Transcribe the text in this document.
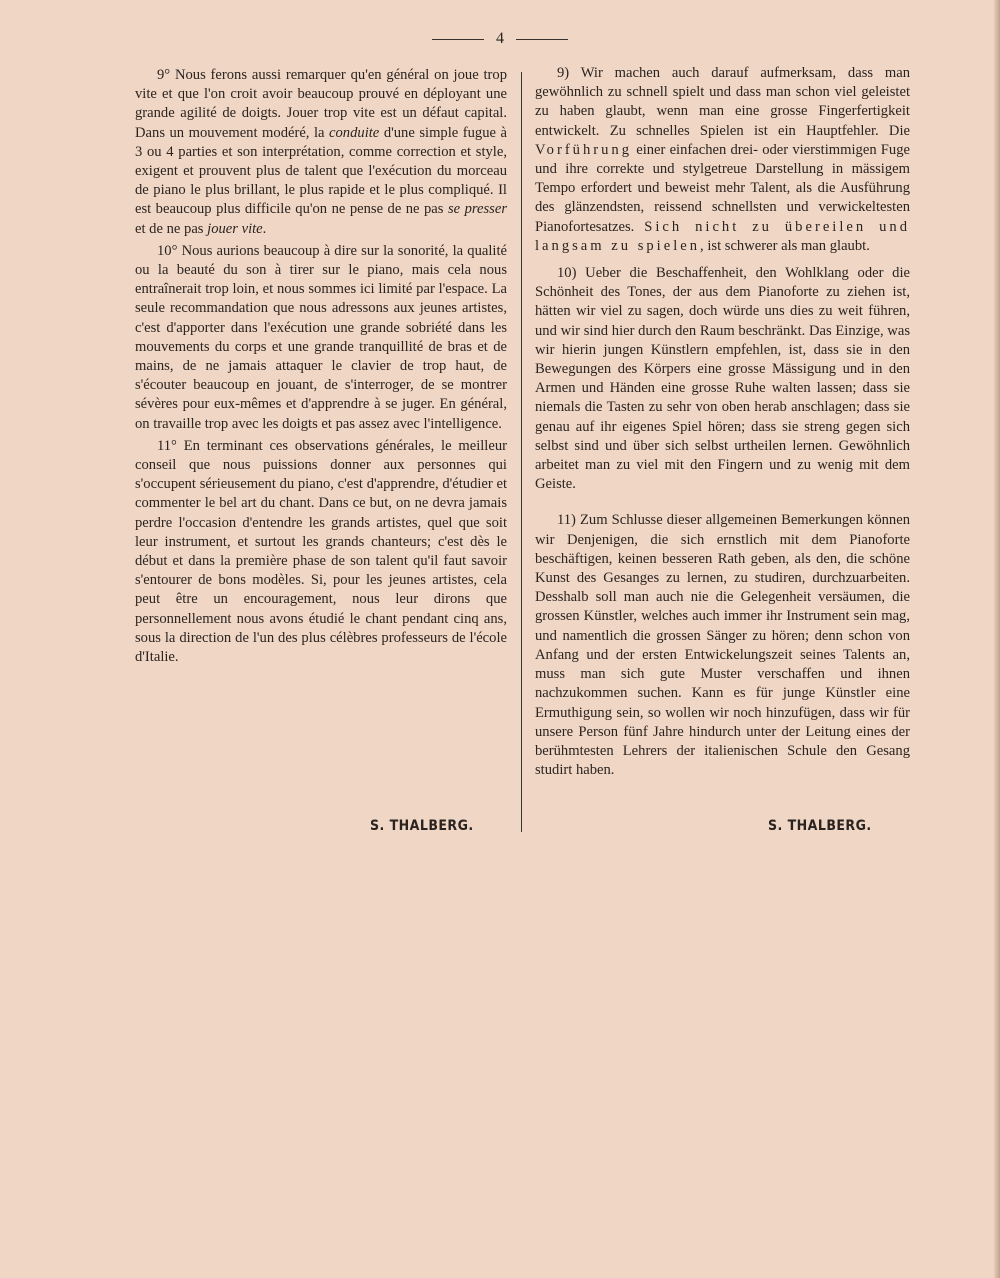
4

9° Nous ferons aussi remarquer qu'en général on joue trop vite et que l'on croit avoir beaucoup prouvé en déployant une grande agilité de doigts. Jouer trop vite est un défaut capital. Dans un mouvement modéré, la conduite d'une simple fugue à 3 ou 4 parties et son interprétation, comme correction et style, exigent et prouvent plus de talent que l'exécution du morceau de piano le plus brillant, le plus rapide et le plus compliqué. Il est beaucoup plus difficile qu'on ne pense de ne pas se presser et de ne pas jouer vite.

10° Nous aurions beaucoup à dire sur la sonorité, la qualité ou la beauté du son à tirer sur le piano, mais cela nous entraînerait trop loin, et nous sommes ici limité par l'espace. La seule recommandation que nous adressons aux jeunes artistes, c'est d'apporter dans l'exécution une grande sobriété dans les mouvements du corps et une grande tranquillité de bras et de mains, de ne jamais attaquer le clavier de trop haut, de s'écouter beaucoup en jouant, de s'interroger, de se montrer sévères pour eux-mêmes et d'apprendre à se juger. En général, on travaille trop avec les doigts et pas assez avec l'intelligence.

11° En terminant ces observations générales, le meilleur conseil que nous puissions donner aux personnes qui s'occupent sérieusement du piano, c'est d'apprendre, d'étudier et commenter le bel art du chant. Dans ce but, on ne devra jamais perdre l'occasion d'entendre les grands artistes, quel que soit leur instrument, et surtout les grands chanteurs; c'est dès le début et dans la première phase de son talent qu'il faut savoir s'entourer de bons modèles. Si, pour les jeunes artistes, cela peut être un encouragement, nous leur dirons que personnellement nous avons étudié le chant pendant cinq ans, sous la direction de l'un des plus célèbres professeurs de l'école d'Italie.

9) Wir machen auch darauf aufmerksam, dass man gewöhnlich zu schnell spielt und dass man schon viel geleistet zu haben glaubt, wenn man eine grosse Fingerfertigkeit entwickelt. Zu schnelles Spielen ist ein Hauptfehler. Die Vorführung einer einfachen drei- oder vierstimmigen Fuge und ihre correkte und stylgetreue Darstellung in mässigem Tempo erfordert und beweist mehr Talent, als die Ausführung des glänzendsten, reissend schnellsten und verwickeltesten Pianofortesatzes. Sich nicht zu übereilen und langsam zu spielen, ist schwerer als man glaubt.

10) Ueber die Beschaffenheit, den Wohlklang oder die Schönheit des Tones, der aus dem Pianoforte zu ziehen ist, hätten wir viel zu sagen, doch würde uns dies zu weit führen, und wir sind hier durch den Raum beschränkt. Das Einzige, was wir hierin jungen Künstlern empfehlen, ist, dass sie in den Bewegungen des Körpers eine grosse Mässigung und in den Armen und Händen eine grosse Ruhe walten lassen; dass sie niemals die Tasten zu sehr von oben herab anschlagen; dass sie genau auf ihr eigenes Spiel hören; dass sie streng gegen sich selbst sind und über sich selbst urtheilen lernen. Gewöhnlich arbeitet man zu viel mit den Fingern und zu wenig mit dem Geiste.

11) Zum Schlusse dieser allgemeinen Bemerkungen können wir Denjenigen, die sich ernstlich mit dem Pianoforte beschäftigen, keinen besseren Rath geben, als den, die schöne Kunst des Gesanges zu lernen, zu studiren, durchzuarbeiten. Desshalb soll man auch nie die Gelegenheit versäumen, die grossen Künstler, welches auch immer ihr Instrument sein mag, und namentlich die grossen Sänger zu hören; denn schon von Anfang und der ersten Entwickelungszeit seines Talents an, muss man sich gute Muster verschaffen und ihnen nachzukommen suchen. Kann es für junge Künstler eine Ermuthigung sein, so wollen wir noch hinzufügen, dass wir für unsere Person fünf Jahre hindurch unter der Leitung eines der berühmtesten Lehrers der italienischen Schule den Gesang studirt haben.

S. THALBERG.	S. THALBERG.
